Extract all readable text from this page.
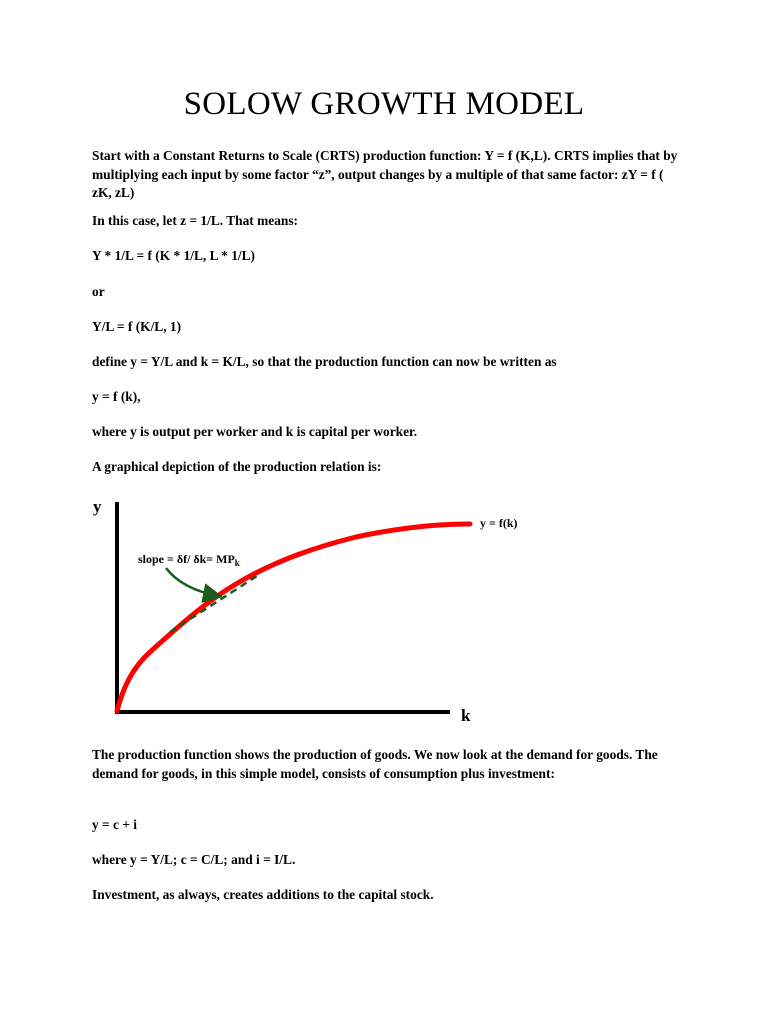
SOLOW GROWTH MODEL

Start with a Constant Returns to Scale (CRTS) production function: Y = f (K,L). CRTS implies that by multiplying each input by some factor “z”, output changes by a multiple of that same factor: zY = f ( zK, zL)

In this case, let z = 1/L. That means:

Y * 1/L = f (K * 1/L, L * 1/L)

or

Y/L = f (K/L, 1)

define y = Y/L and k = K/L, so that the production function can now be written as

y = f (k),

where y is output per worker and k is capital per worker.

A graphical depiction of the production relation is:

y
k
y = f(k)
slope = δf/ $\delta k= MP_k$

The production function shows the production of goods. We now look at the demand for goods. The demand for goods, in this simple model, consists of consumption plus investment:

y = c + i

where y = Y/L; c = C/L; and i = I/L.

Investment, as always, creates additions to the capital stock.
